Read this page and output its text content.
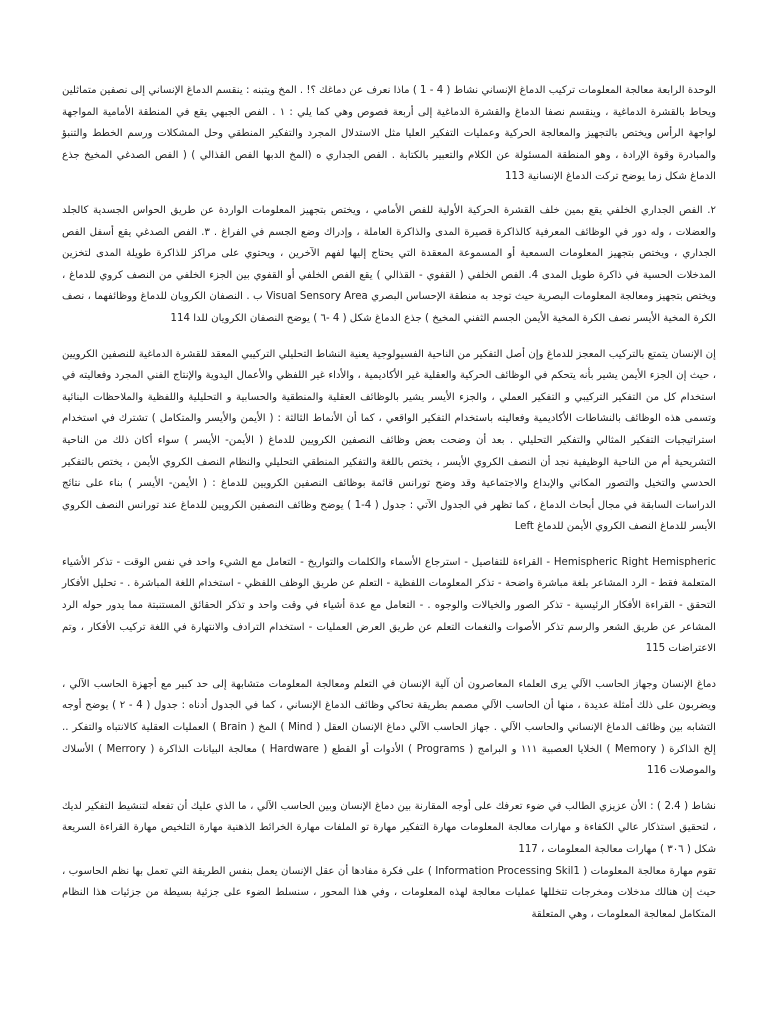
الوحدة الرابعة معالجة المعلومات تركيب الدماغ الإنساني نشاط ( 4 - 1 ) ماذا نعرف عن دماغك ؟! . المخ ويتبنه : ينقسم الدماغ الإنساني إلى نصفين متماثلين ويحاط بالقشرة الدماغية ، وينقسم نصفا الدماغ والقشرة الدماغية إلى أربعة فصوص وهي كما يلي : ١ . الفص الجبهي يقع في المنطقة الأمامية المواجهة لواجهة الرأس ويختص بالتجهيز والمعالجة الحركية وعمليات التفكير العليا مثل الاستدلال المجرد والتفكير المنطقي وحل المشكلات ورسم الخطط والتنبؤ والمبادرة وقوة الإرادة ، وهو المنطقة المسئولة عن الكلام والتعبير بالكتابة . الفص الجداري ه (المخ الدبها الفص القذالي ) ( الفص الصدغي المخيخ جذع الدماغ شكل زما يوضح تركت الدماغ الإنسانية 113

٢. الفص الجداري الخلفي يقع بمين خلف القشرة الحركية الأولية للفص الأمامي ، ويختص بتجهيز المعلومات الواردة عن طريق الحواس الجسدية كالجلد والعضلات ، وله دور في الوظائف المعرفية كالذاكرة قصيرة المدى والذاكرة العاملة ، وإدراك وضع الجسم في الفراغ . ٣. الفص الصدغي يقع أسفل الفص الجداري ، ويختص بتجهيز المعلومات السمعية أو المسموعة المعقدة التي يحتاج إليها لفهم الآخرين ، ويحتوي على مراكز للذاكرة طويلة المدى لتخزين المدخلات الحسية في ذاكرة طويل المدى 4. الفص الخلفي ( القفوي - القذالي ) يقع الفص الخلفي أو القفوي بين الجزء الخلفي من النصف كروي للدماغ ، ويختص بتجهيز ومعالجة المعلومات البصرية حيث توجد به منطقة الإحساس البصري Visual Sensory Area ب . النصفان الكرويان للدماغ ووظائفهما ، نصف الكرة المخية الأيسر نصف الكرة المخية الأيمن الجسم الثفني المخيخ ) جذع الدماغ شكل ( 4 -٦ ) يوضح النصفان الكرويان للدا 114

إن الإنسان يتمتع بالتركيب المعجز للدماغ وإن أصل التفكير من الناحية الفسيولوجية يعنية النشاط التحليلي التركيبي المعقد للقشرة الدماغية للنصفين الكرويين ، حيث إن الجزء الأيمن يشير بأنه يتحكم في الوظائف الحركية والعقلية غير الأكاديمية ، والأداء غير اللفظي والأعمال اليدوية والإنتاج الفني المجرد وفعاليته في استخدام كل من التفكير التركيبي و التفكير العملي ، والجزء الأيسر يشير بالوظائف العقلية والمنطقية والحسابية و التحليلية واللفظية والملاحظات البنائية وتسمى هذه الوظائف بالنشاطات الأكاديمية وفعاليته باستخدام التفكير الواقعي ، كما أن الأنماط الثالثة : ( الأيمن والأيسر والمتكامل ) تشترك في استخدام استراتيجيات التفكير المثالي والتفكير التحليلي . بعد أن وضحت بعض وظائف النصفين الكرويين للدماغ ( الأيمن- الأيسر ) سواء أكان ذلك من الناحية التشريحية أم من الناحية الوظيفية نجد أن النصف الكروي الأيسر ، يختص باللغة والتفكير المنطقي التحليلي والنظام النصف الكروي الأيمن ، يختص بالتفكير الحدسي والتخيل والتصور المكاني والإبداع والاجتماعية وقد وضح تورانس قائمة بوظائف النصفين الكرويين للدماغ : ( الأيمن- الأيسر ) بناء على نتائج الدراسات السابقة في مجال أبحاث الدماغ ، كما تظهر في الجدول الآتي : جدول ( 4-1 ) يوضح وظائف النصفين الكرويين للدماغ عند تورانس النصف الكروي الأيسر للدماغ النصف الكروي الأيمن للدماغ Left

Hemispheric Right Hemispheric - القراءة للتفاصيل - استرجاع الأسماء والكلمات والتواريخ - التعامل مع الشيء واحد في نفس الوقت - تذكر الأشياء المتعلمة فقط - الرد المشاعر بلغة مباشرة واضحة - تذكر المعلومات اللفظية - التعلم عن طريق الوظف اللفظي - استخدام اللغة المباشرة . - تحليل الأفكار التحقق - القراءة الأفكار الرئيسية - تذكر الصور والخيالات والوجوه . - التعامل مع عدة أشياء في وقت واحد و تذكر الحقائق المستنبتة مما يدور حوله الرد المشاعر عن طريق الشعر والرسم تذكر الأصوات والنغمات التعلم عن طريق العرض العمليات - استخدام الترادف والانتهارة في اللغة تركيب الأفكار ، وتم الاعتراضات 115

دماغ الإنسان وجهاز الحاسب الآلي يرى العلماء المعاصرون أن آلية الإنسان في التعلم ومعالجة المعلومات متشابهة إلى حد كبير مع أجهزة الحاسب الآلي ، ويضربون على ذلك أمثلة عديدة ، منها أن الحاسب الآلي مصمم بطريقة تحاكي وظائف الدماغ الإنساني ، كما في الجدول أدناه : جدول ( 4 - ٢ ) يوضح أوجه التشابه بين وظائف الدماغ الإنساني والحاسب الآلي . جهاز الحاسب الآلي دماغ الإنسان العقل ( Mind ) المخ ( Brain ) العمليات العقلية كالانتباه والتفكر .. إلخ الذاكرة ( Memory ) الخلايا العصبية ١١١ و البرامج ( Programs ) الأدوات أو القطع ( Hardware ) معالجة البيانات الذاكرة ( Merrory ) الأسلاك والموصلات 116

نشاط ( 2.4 ) : الأن عزيزي الطالب في ضوء تعرفك على أوجه المقارنة بين دماغ الإنسان وبين الحاسب الآلي ، ما الذي عليك أن تفعله لتنشيط التفكير لديك ، لتحقيق استذكار عالي الكفاءة و مهارات معالجة المعلومات مهارة التفكير مهارة تو الملفات مهارة الخرائط الذهنية مهارة التلخيص مهارة القراءة السريعة شكل ( ٣٠٦ ) مهارات معالجة المعلومات ، 117

تقوم مهارة معالجة المعلومات ( Information Processing Skil1 ) على فكرة مفادها أن عقل الإنسان يعمل بنفس الطريقة التي تعمل بها نظم الحاسوب ، حيث إن هنالك مدخلات ومخرجات تتخللها عمليات معالجة لهذه المعلومات ، وفي هذا المحور ، سنسلط الضوء على جزئية بسيطة من جزئيات هذا النظام المتكامل لمعالجة المعلومات ، وهي المتعلقة
